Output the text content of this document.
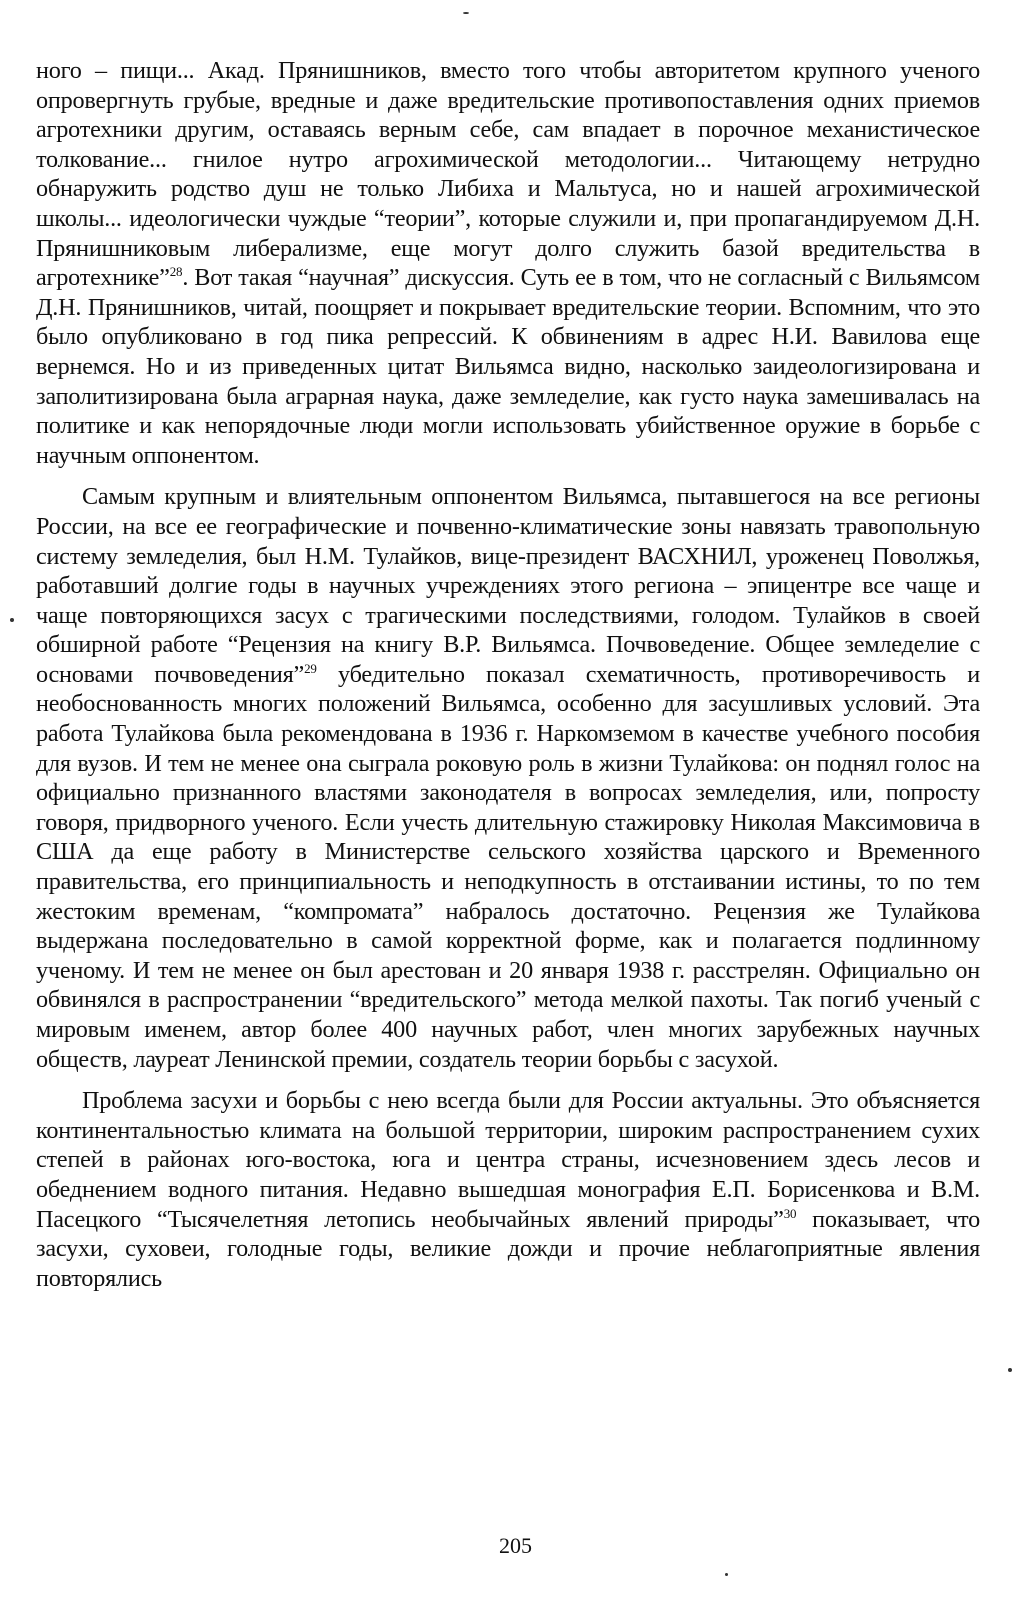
ного – пищи... Акад. Прянишников, вместо того чтобы авторитетом крупного ученого опровергнуть грубые, вредные и даже вредительские противопоставления одних приемов агротехники другим, оставаясь верным себе, сам впадает в порочное механистическое толкование... гнилое нутро агрохимической методологии... Читающему нетрудно обнаружить родство душ не только Либиха и Мальтуса, но и нашей агрохимической школы... идеологически чуждые “теории”, которые служили и, при пропагандируемом Д.Н. Прянишниковым либерализме, еще могут долго служить базой вредительства в агротехнике”$^{28}$. Вот такая “научная” дискуссия. Суть ее в том, что не согласный с Вильямсом Д.Н. Прянишников, читай, поощряет и покрывает вредительские теории. Вспомним, что это было опубликовано в год пика репрессий. К обвинениям в адрес Н.И. Вавилова еще вернемся. Но и из приведенных цитат Вильямса видно, насколько заидеологизирована и заполитизирована была аграрная наука, даже земледелие, как густо наука замешивалась на политике и как непорядочные люди могли использовать убийственное оружие в борьбе с научным оппонентом.

Самым крупным и влиятельным оппонентом Вильямса, пытавшегося на все регионы России, на все ее географические и почвенно-климатические зоны навязать травопольную систему земледелия, был Н.М. Тулайков, вице-президент ВАСХНИЛ, уроженец Поволжья, работавший долгие годы в научных учреждениях этого региона – эпицентре все чаще и чаще повторяющихся засух с трагическими последствиями, голодом. Тулайков в своей обширной работе “Рецензия на книгу В.Р. Вильямса. Почвоведение. Общее земледелие с основами почвоведения”$^{29}$ убедительно показал схематичность, противоречивость и необоснованность многих положений Вильямса, особенно для засушливых условий. Эта работа Тулайкова была рекомендована в 1936 г. Наркомземом в качестве учебного пособия для вузов. И тем не менее она сыграла роковую роль в жизни Тулайкова: он поднял голос на официально признанного властями законодателя в вопросах земледелия, или, попросту говоря, придворного ученого. Если учесть длительную стажировку Николая Максимовича в США да еще работу в Министерстве сельского хозяйства царского и Временного правительства, его принципиальность и неподкупность в отстаивании истины, то по тем жестоким временам, “компромата” набралось достаточно. Рецензия же Тулайкова выдержана последовательно в самой корректной форме, как и полагается подлинному ученому. И тем не менее он был арестован и 20 января 1938 г. расстрелян. Официально он обвинялся в распространении “вредительского” метода мелкой пахоты. Так погиб ученый с мировым именем, автор более 400 научных работ, член многих зарубежных научных обществ, лауреат Ленинской премии, создатель теории борьбы с засухой.

Проблема засухи и борьбы с нею всегда были для России актуальны. Это объясняется континентальностью климата на большой территории, широким распространением сухих степей в районах юго-востока, юга и центра страны, исчезновением здесь лесов и обеднением водного питания. Недавно вышедшая монография Е.П. Борисенкова и В.М. Пасецкого “Тысячелетняя летопись необычайных явлений природы”$^{30}$ показывает, что засухи, суховеи, голодные годы, великие дожди и прочие неблагоприятные явления повторялись

205
